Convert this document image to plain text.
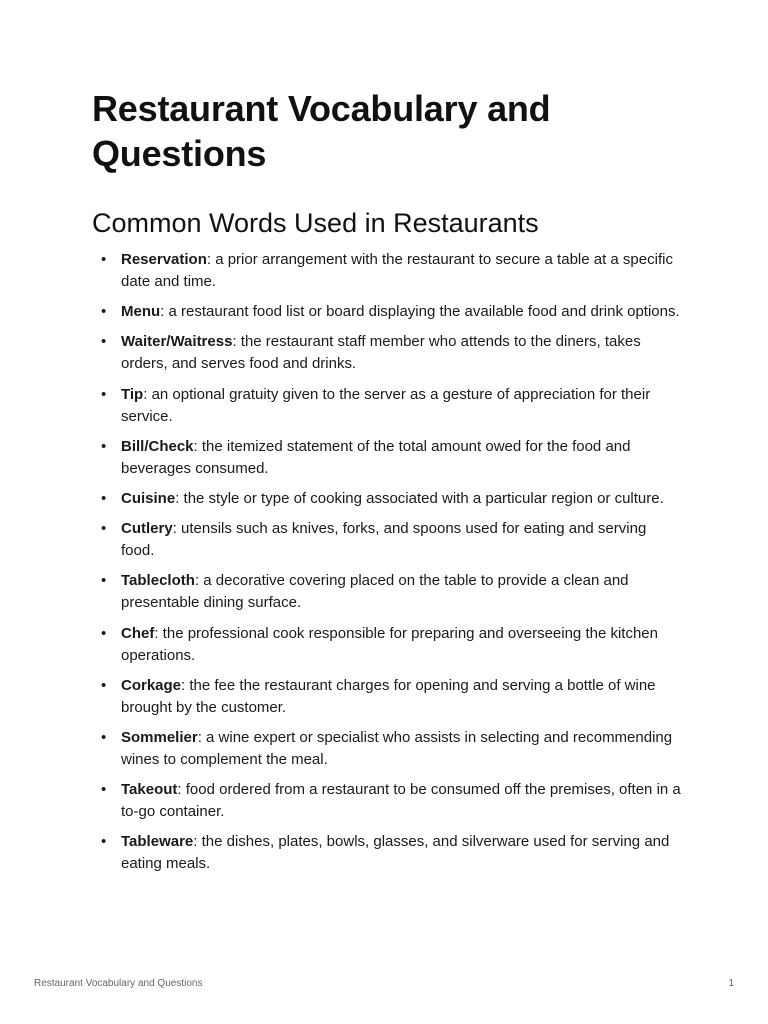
Restaurant Vocabulary and Questions
Common Words Used in Restaurants
• Reservation: a prior arrangement with the restaurant to secure a table at a specific date and time.
• Menu: a restaurant food list or board displaying the available food and drink options.
• Waiter/Waitress: the restaurant staff member who attends to the diners, takes orders, and serves food and drinks.
• Tip: an optional gratuity given to the server as a gesture of appreciation for their service.
• Bill/Check: the itemized statement of the total amount owed for the food and beverages consumed.
• Cuisine: the style or type of cooking associated with a particular region or culture.
• Cutlery: utensils such as knives, forks, and spoons used for eating and serving food.
• Tablecloth: a decorative covering placed on the table to provide a clean and presentable dining surface.
• Chef: the professional cook responsible for preparing and overseeing the kitchen operations.
• Corkage: the fee the restaurant charges for opening and serving a bottle of wine brought by the customer.
• Sommelier: a wine expert or specialist who assists in selecting and recommending wines to complement the meal.
• Takeout: food ordered from a restaurant to be consumed off the premises, often in a to-go container.
• Tableware: the dishes, plates, bowls, glasses, and silverware used for serving and eating meals.
Restaurant Vocabulary and Questions	1
